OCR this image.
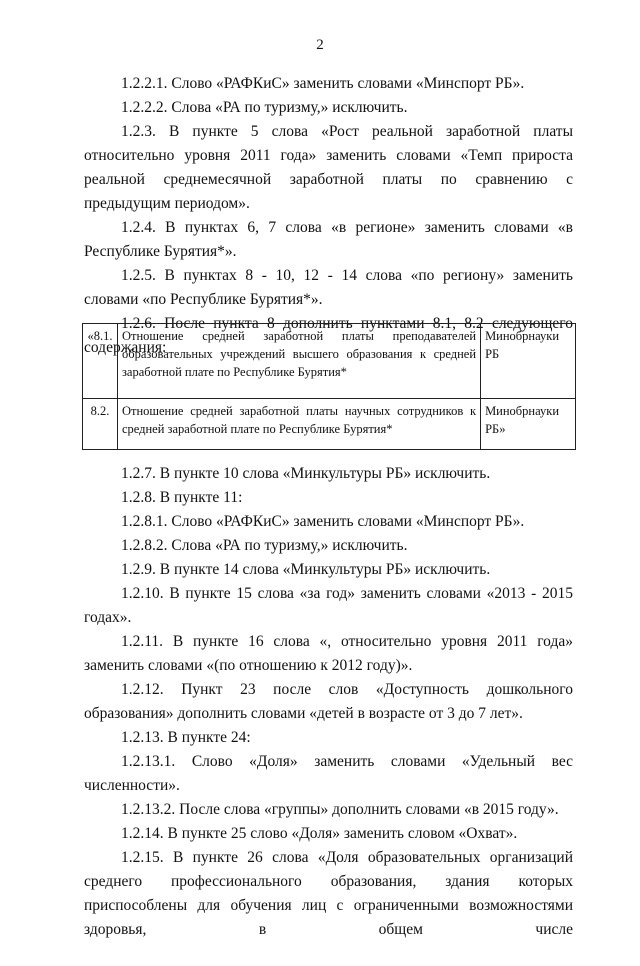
2

1.2.2.1. Слово «РАФКиС» заменить словами «Минспорт РБ».

1.2.2.2. Слова «РА по туризму,» исключить.

1.2.3. В пункте 5 слова «Рост реальной заработной платы относительно уровня 2011 года» заменить словами «Темп прироста реальной среднемесячной заработной платы по сравнению с предыдущим периодом».

1.2.4. В пунктах 6, 7 слова «в регионе» заменить словами «в Республике Бурятия*».

1.2.5. В пунктах 8 - 10, 12 - 14 слова «по региону» заменить словами «по Республике Бурятия*».

1.2.6. После пункта 8 дополнить пунктами 8.1, 8.2 следующего содержания:

«8.1.	Отношение средней заработной платы преподавателей образовательных учреждений высшего образования к средней заработной плате по Республике Бурятия*	Минобрнауки РБ
8.2.	Отношение средней заработной платы научных сотрудников к средней заработной плате по Республике Бурятия*	Минобрнауки РБ»

1.2.7. В пункте 10 слова «Минкультуры РБ» исключить.

1.2.8. В пункте 11:

1.2.8.1. Слово «РАФКиС» заменить словами «Минспорт РБ».

1.2.8.2. Слова «РА по туризму,» исключить.

1.2.9. В пункте 14 слова «Минкультуры РБ» исключить.

1.2.10. В пункте 15 слова «за год» заменить словами «2013 - 2015 годах».

1.2.11. В пункте 16 слова «, относительно уровня 2011 года» заменить словами «(по отношению к 2012 году)».

1.2.12. Пункт 23 после слов «Доступность дошкольного образования» дополнить словами «детей в возрасте от 3 до 7 лет».

1.2.13. В пункте 24:

1.2.13.1. Слово «Доля» заменить словами «Удельный вес численности».

1.2.13.2. После слова «группы» дополнить словами «в 2015 году».

1.2.14. В пункте 25 слово «Доля» заменить словом «Охват».

1.2.15. В пункте 26 слова «Доля образовательных организаций среднего профессионального образования, здания которых приспособлены для обучения лиц с ограниченными возможностями здоровья, в общем числе
